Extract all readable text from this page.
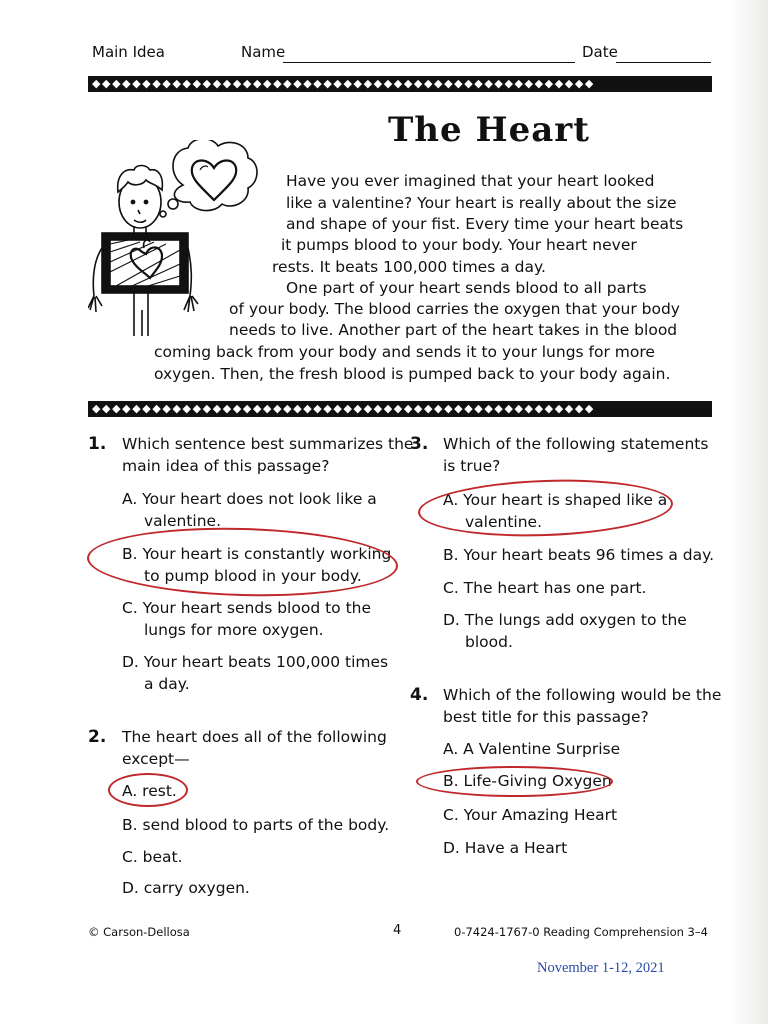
Main Idea	Name	Date
◆◆◆◆◆◆◆◆◆◆◆◆◆◆◆◆◆◆◆◆◆◆◆◆◆◆◆◆◆◆◆◆◆◆◆◆◆◆◆◆◆◆◆◆◆◆◆◆◆◆
The Heart
Have you ever imagined that your heart looked
like a valentine? Your heart is really about the size
and shape of your fist. Every time your heart beats
it pumps blood to your body. Your heart never
rests. It beats 100,000 times a day.
One part of your heart sends blood to all parts
of your body. The blood carries the oxygen that your body
needs to live. Another part of the heart takes in the blood
coming back from your body and sends it to your lungs for more
oxygen. Then, the fresh blood is pumped back to your body again.
◆◆◆◆◆◆◆◆◆◆◆◆◆◆◆◆◆◆◆◆◆◆◆◆◆◆◆◆◆◆◆◆◆◆◆◆◆◆◆◆◆◆◆◆◆◆◆◆◆◆
1. Which sentence best summarizes the
main idea of this passage?
A. Your heart does not look like a
valentine.
B. Your heart is constantly working
to pump blood in your body.
C. Your heart sends blood to the
lungs for more oxygen.
D. Your heart beats 100,000 times
a day.
2. The heart does all of the following
except—
A. rest.
B. send blood to parts of the body.
C. beat.
D. carry oxygen.
3. Which of the following statements
is true?
A. Your heart is shaped like a
valentine.
B. Your heart beats 96 times a day.
C. The heart has one part.
D. The lungs add oxygen to the
blood.
4. Which of the following would be the
best title for this passage?
A. A Valentine Surprise
B. Life-Giving Oxygen
C. Your Amazing Heart
D. Have a Heart
© Carson-Dellosa	4	0-7424-1767-0 Reading Comprehension 3–4
November 1-12, 2021
